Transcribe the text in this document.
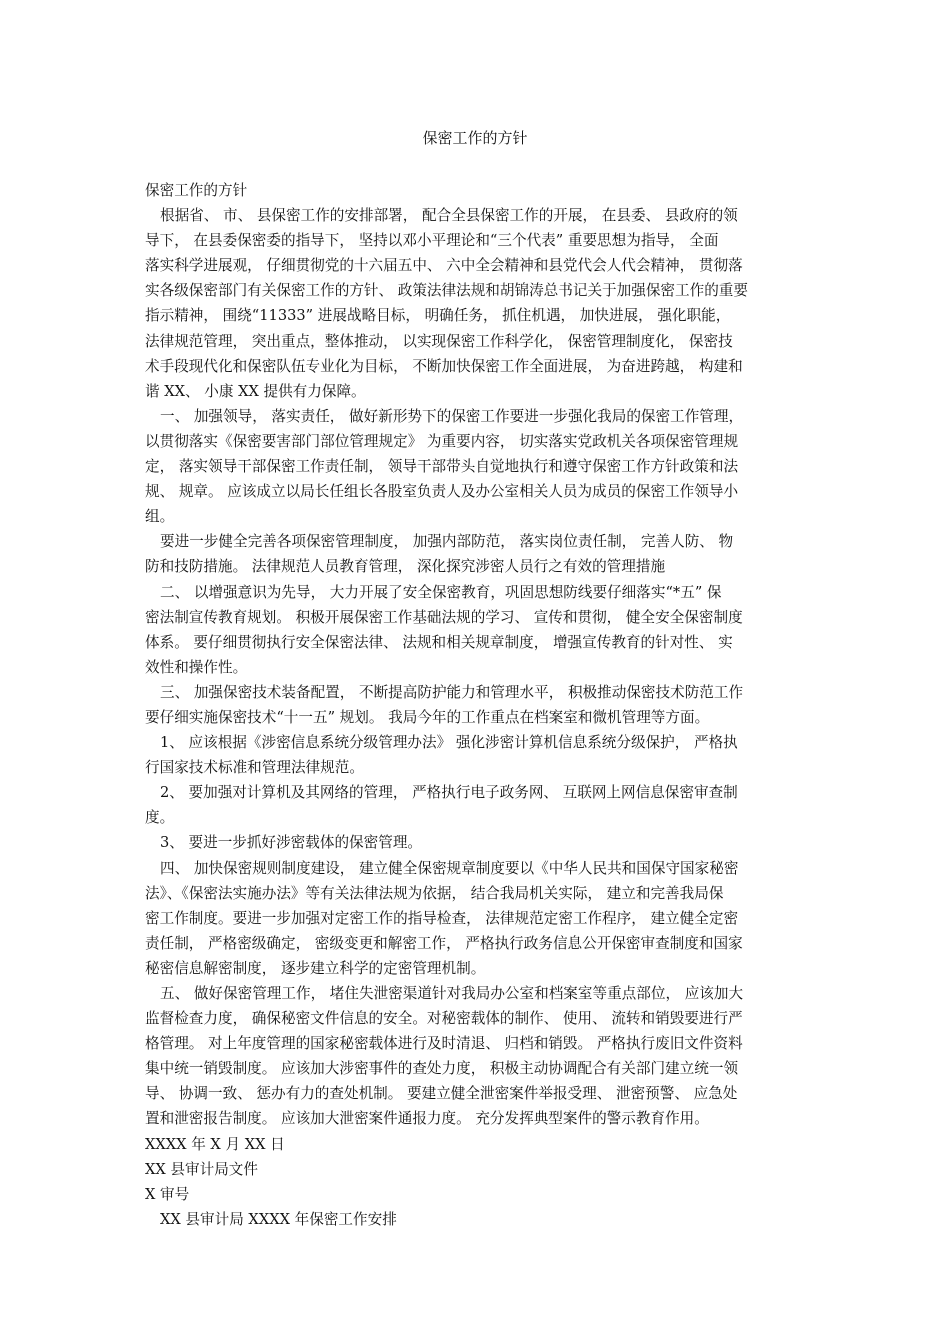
保密工作的方针
保密工作的方针
根据省、 市、 县保密工作的安排部署， 配合全县保密工作的开展， 在县委、 县政府的领
导下， 在县委保密委的指导下， 坚持以邓小平理论和“三个代表” 重要思想为指导， 全面
落实科学进展观， 仔细贯彻党的十六届五中、 六中全会精神和县党代会人代会精神， 贯彻落
实各级保密部门有关保密工作的方针、 政策法律法规和胡锦涛总书记关于加强保密工作的重要
指示精神， 围绕“11333” 进展战略目标， 明确任务， 抓住机遇， 加快进展， 强化职能，
法律规范管理， 突出重点，整体推动， 以实现保密工作科学化， 保密管理制度化， 保密技
术手段现代化和保密队伍专业化为目标， 不断加快保密工作全面进展， 为奋进跨越， 构建和
谐 XX、 小康 XX 提供有力保障。
一、 加强领导， 落实责任， 做好新形势下的保密工作要进一步强化我局的保密工作管理，
以贯彻落实《保密要害部门部位管理规定》 为重要内容， 切实落实党政机关各项保密管理规
定， 落实领导干部保密工作责任制， 领导干部带头自觉地执行和遵守保密工作方针政策和法
规、 规章。 应该成立以局长任组长各股室负责人及办公室相关人员为成员的保密工作领导小
组。
要进一步健全完善各项保密管理制度， 加强内部防范， 落实岗位责任制， 完善人防、 物
防和技防措施。 法律规范人员教育管理， 深化探究涉密人员行之有效的管理措施
二、 以增强意识为先导， 大力开展了安全保密教育，巩固思想防线要仔细落实“*五” 保
密法制宣传教育规划。 积极开展保密工作基础法规的学习、 宣传和贯彻， 健全安全保密制度
体系。 要仔细贯彻执行安全保密法律、 法规和相关规章制度， 增强宣传教育的针对性、 实
效性和操作性。
三、 加强保密技术装备配置， 不断提高防护能力和管理水平， 积极推动保密技术防范工作
要仔细实施保密技术“十一五” 规划。 我局今年的工作重点在档案室和微机管理等方面。
1、 应该根据《涉密信息系统分级管理办法》 强化涉密计算机信息系统分级保护， 严格执
行国家技术标准和管理法律规范。
2、 要加强对计算机及其网络的管理， 严格执行电子政务网、 互联网上网信息保密审查制
度。
3、 要进一步抓好涉密载体的保密管理。
四、 加快保密规则制度建设， 建立健全保密规章制度要以《中华人民共和国保守国家秘密
法》、《保密法实施办法》等有关法律法规为依据， 结合我局机关实际， 建立和完善我局保
密工作制度。要进一步加强对定密工作的指导检查， 法律规范定密工作程序， 建立健全定密
责任制， 严格密级确定， 密级变更和解密工作， 严格执行政务信息公开保密审查制度和国家
秘密信息解密制度， 逐步建立科学的定密管理机制。
五、 做好保密管理工作， 堵住失泄密渠道针对我局办公室和档案室等重点部位， 应该加大
监督检查力度， 确保秘密文件信息的安全。对秘密载体的制作、 使用、 流转和销毁要进行严
格管理。 对上年度管理的国家秘密载体进行及时清退、 归档和销毁。 严格执行废旧文件资料
集中统一销毁制度。 应该加大涉密事件的查处力度， 积极主动协调配合有关部门建立统一领
导、 协调一致、 惩办有力的查处机制。 要建立健全泄密案件举报受理、 泄密预警、 应急处
置和泄密报告制度。 应该加大泄密案件通报力度。 充分发挥典型案件的警示教育作用。
XXXX 年 X 月 XX 日
XX 县审计局文件
X 审号
XX 县审计局 XXXX 年保密工作安排
